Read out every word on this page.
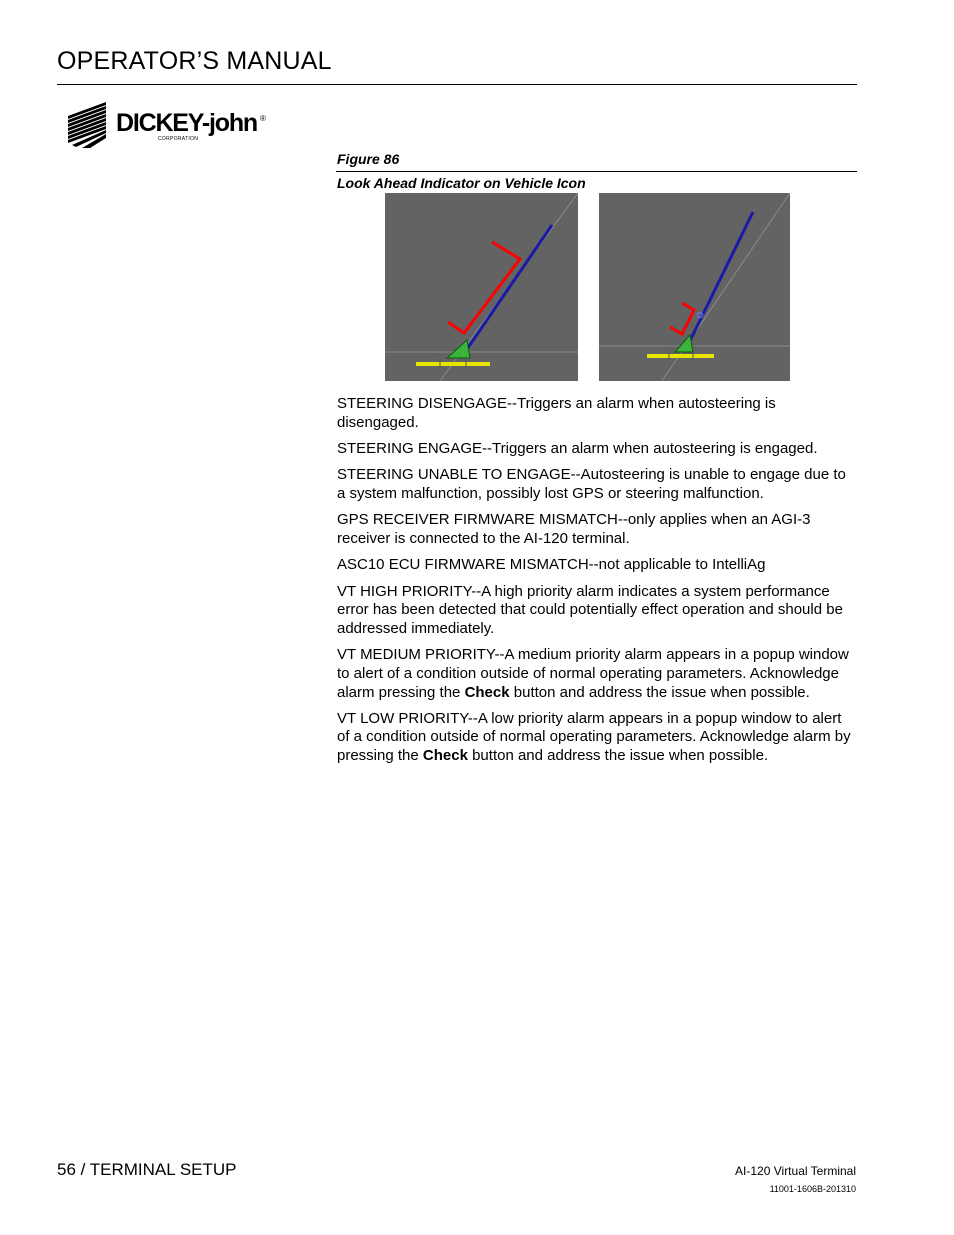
OPERATOR’S MANUAL
DICKEY-john ®
CORPORATION
Figure 86
Look Ahead Indicator on Vehicle Icon

STEERING DISENGAGE--Triggers an alarm when autosteering is disengaged.

STEERING ENGAGE--Triggers an alarm when autosteering is engaged.

STEERING UNABLE TO ENGAGE--Autosteering is unable to engage due to a system malfunction, possibly lost GPS or steering malfunction.

GPS RECEIVER FIRMWARE MISMATCH--only applies when an AGI-3 receiver is connected to the AI-120 terminal.

ASC10 ECU FIRMWARE MISMATCH--not applicable to IntelliAg

VT HIGH PRIORITY--A high priority alarm indicates a system performance error has been detected that could potentially effect operation and should be addressed immediately.

VT MEDIUM PRIORITY--A medium priority alarm appears in a popup window to alert of a condition outside of normal operating parameters. Acknowledge alarm pressing the Check button and address the issue when possible.

VT LOW PRIORITY--A low priority alarm appears in a popup window to alert of a condition outside of normal operating parameters. Acknowledge alarm by pressing the Check button and address the issue when possible.

56 / TERMINAL SETUP	AI-120 Virtual Terminal
11001-1606B-201310
